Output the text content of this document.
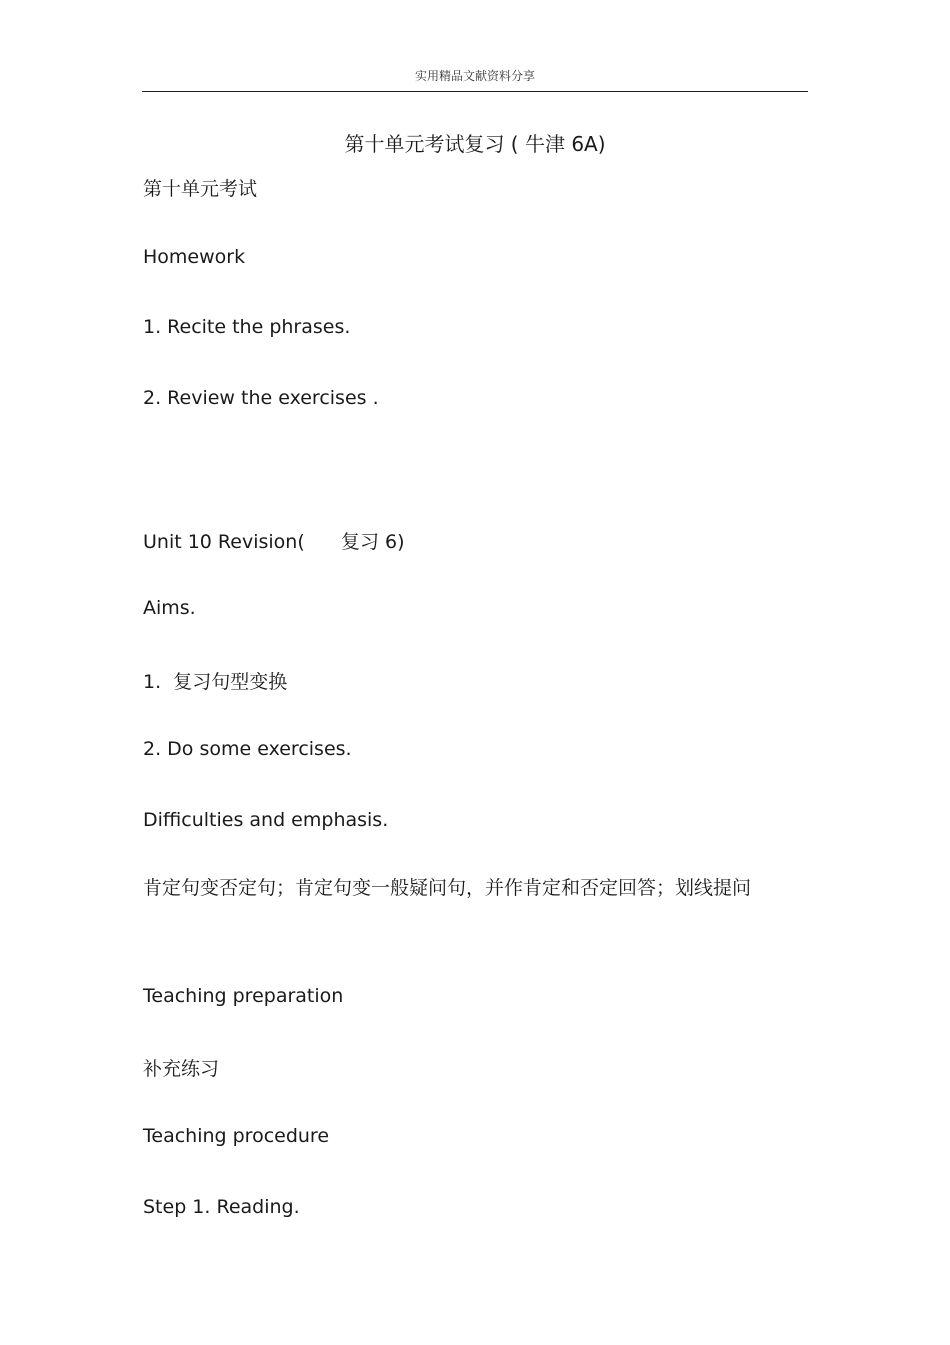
实用精品文献资料分享
第十单元考试复习 ( 牛津 6A)
第十单元考试
Homework
1. Recite the phrases.
2. Review the exercises .
Unit 10 Revision(      复习 6)
Aims.
1.  复习句型变换
2. Do some exercises.
Difficulties and emphasis.
肯定句变否定句；肯定句变一般疑问句，并作肯定和否定回答；划线提问
Teaching preparation
补充练习
Teaching procedure
Step 1. Reading.
